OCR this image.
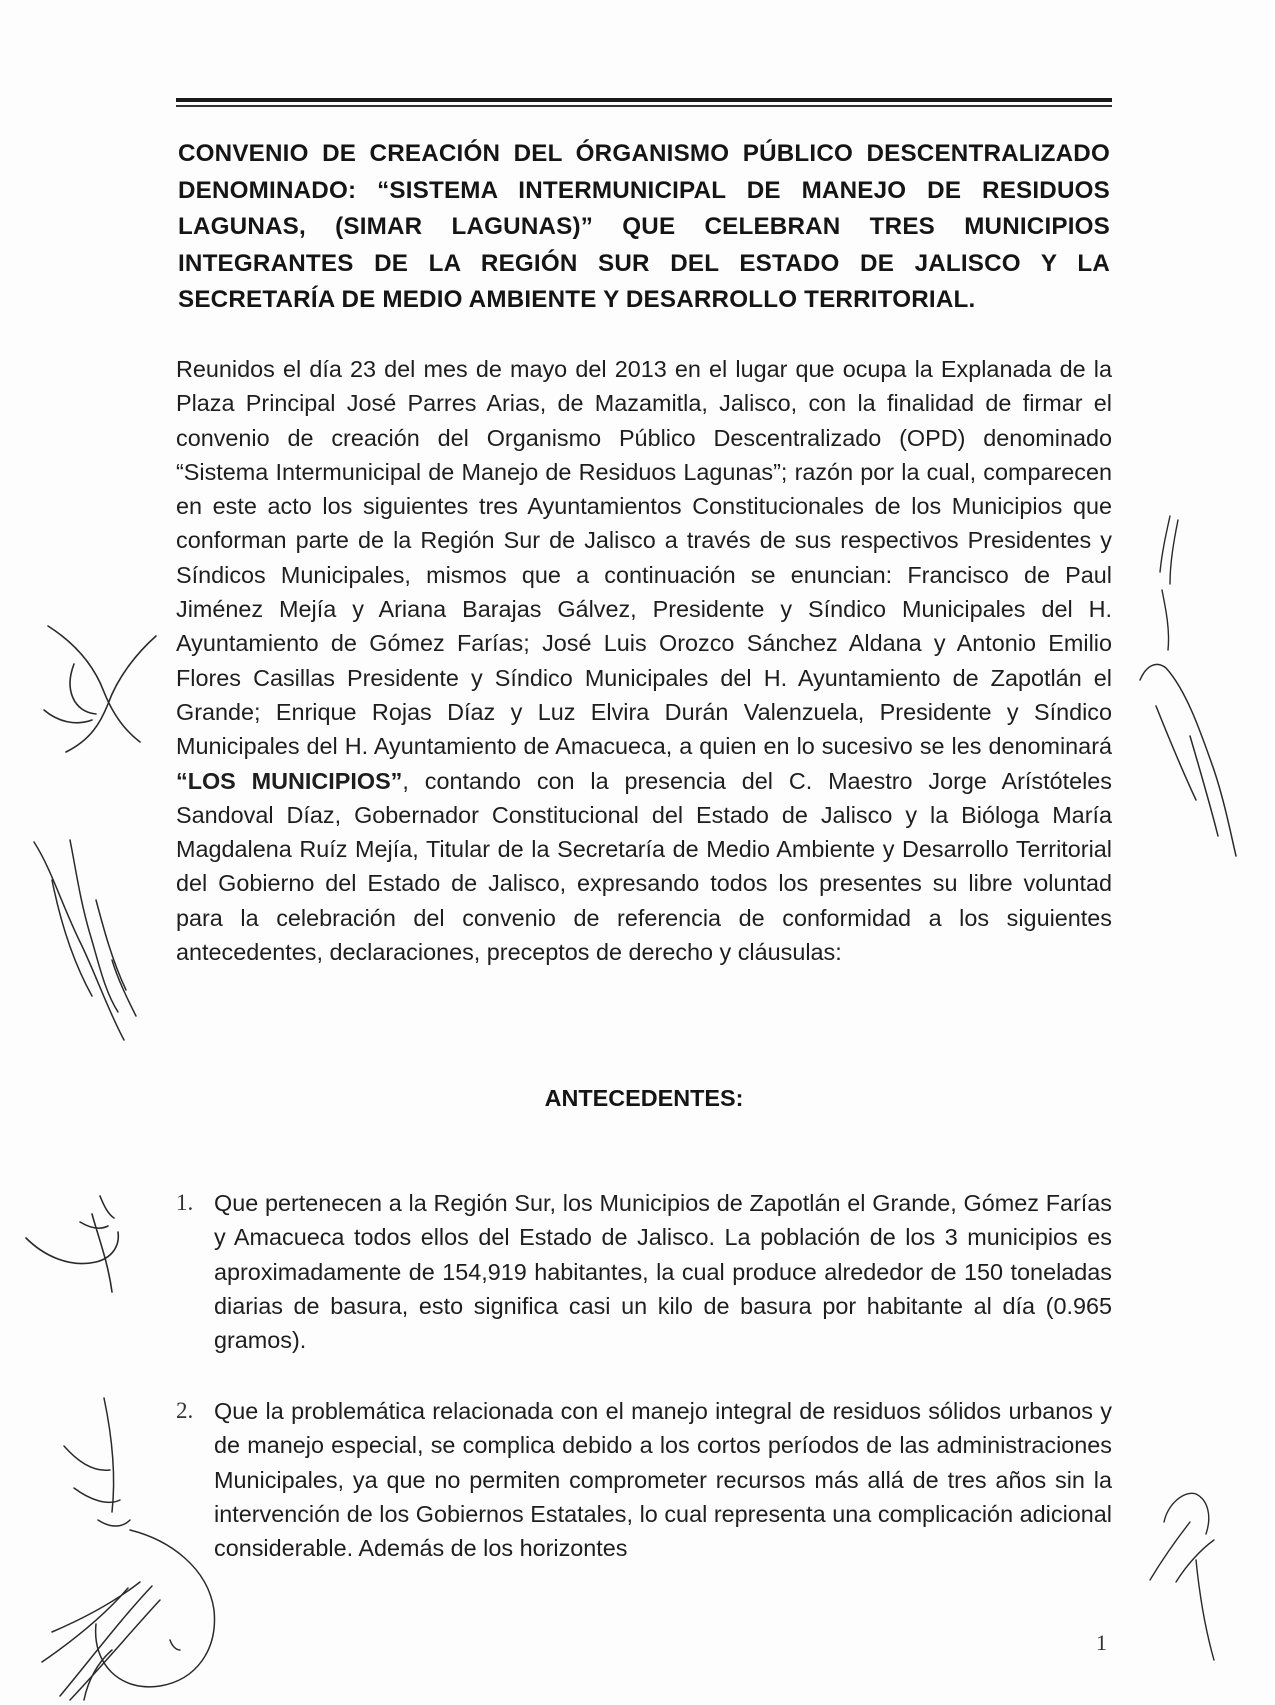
CONVENIO DE CREACIÓN DEL ÓRGANISMO PÚBLICO DESCENTRALIZADO DENOMINADO: “SISTEMA INTERMUNICIPAL DE MANEJO DE RESIDUOS LAGUNAS, (SIMAR LAGUNAS)” QUE CELEBRAN TRES MUNICIPIOS INTEGRANTES DE LA REGIÓN SUR DEL ESTADO DE JALISCO Y LA SECRETARÍA DE MEDIO AMBIENTE Y DESARROLLO TERRITORIAL.

Reunidos el día 23 del mes de mayo del 2013 en el lugar que ocupa la Explanada de la Plaza Principal José Parres Arias, de Mazamitla, Jalisco, con la finalidad de firmar el convenio de creación del Organismo Público Descentralizado (OPD) denominado “Sistema Intermunicipal de Manejo de Residuos Lagunas”; razón por la cual, comparecen en este acto los siguientes tres Ayuntamientos Constitucionales de los Municipios que conforman parte de la Región Sur de Jalisco a través de sus respectivos Presidentes y Síndicos Municipales, mismos que a continuación se enuncian: Francisco de Paul Jiménez Mejía y Ariana Barajas Gálvez, Presidente y Síndico Municipales del H. Ayuntamiento de Gómez Farías; José Luis Orozco Sánchez Aldana y Antonio Emilio Flores Casillas Presidente y Síndico Municipales del H. Ayuntamiento de Zapotlán el Grande; Enrique Rojas Díaz y Luz Elvira Durán Valenzuela, Presidente y Síndico Municipales del H. Ayuntamiento de Amacueca, a quien en lo sucesivo se les denominará “LOS MUNICIPIOS”, contando con la presencia del C. Maestro Jorge Arístóteles Sandoval Díaz, Gobernador Constitucional del Estado de Jalisco y la Bióloga María Magdalena Ruíz Mejía, Titular de la Secretaría de Medio Ambiente y Desarrollo Territorial del Gobierno del Estado de Jalisco, expresando todos los presentes su libre voluntad para la celebración del convenio de referencia de conformidad a los siguientes antecedentes, declaraciones, preceptos de derecho y cláusulas:

ANTECEDENTES:
1. Que pertenecen a la Región Sur, los Municipios de Zapotlán el Grande, Gómez Farías y Amacueca todos ellos del Estado de Jalisco. La población de los 3 municipios es aproximadamente de 154,919 habitantes, la cual produce alrededor de 150 toneladas diarias de basura, esto significa casi un kilo de basura por habitante al día (0.965 gramos).
2. Que la problemática relacionada con el manejo integral de residuos sólidos urbanos y de manejo especial, se complica debido a los cortos períodos de las administraciones Municipales, ya que no permiten comprometer recursos más allá de tres años sin la intervención de los Gobiernos Estatales, lo cual representa una complicación adicional considerable. Además de los horizontes
1
